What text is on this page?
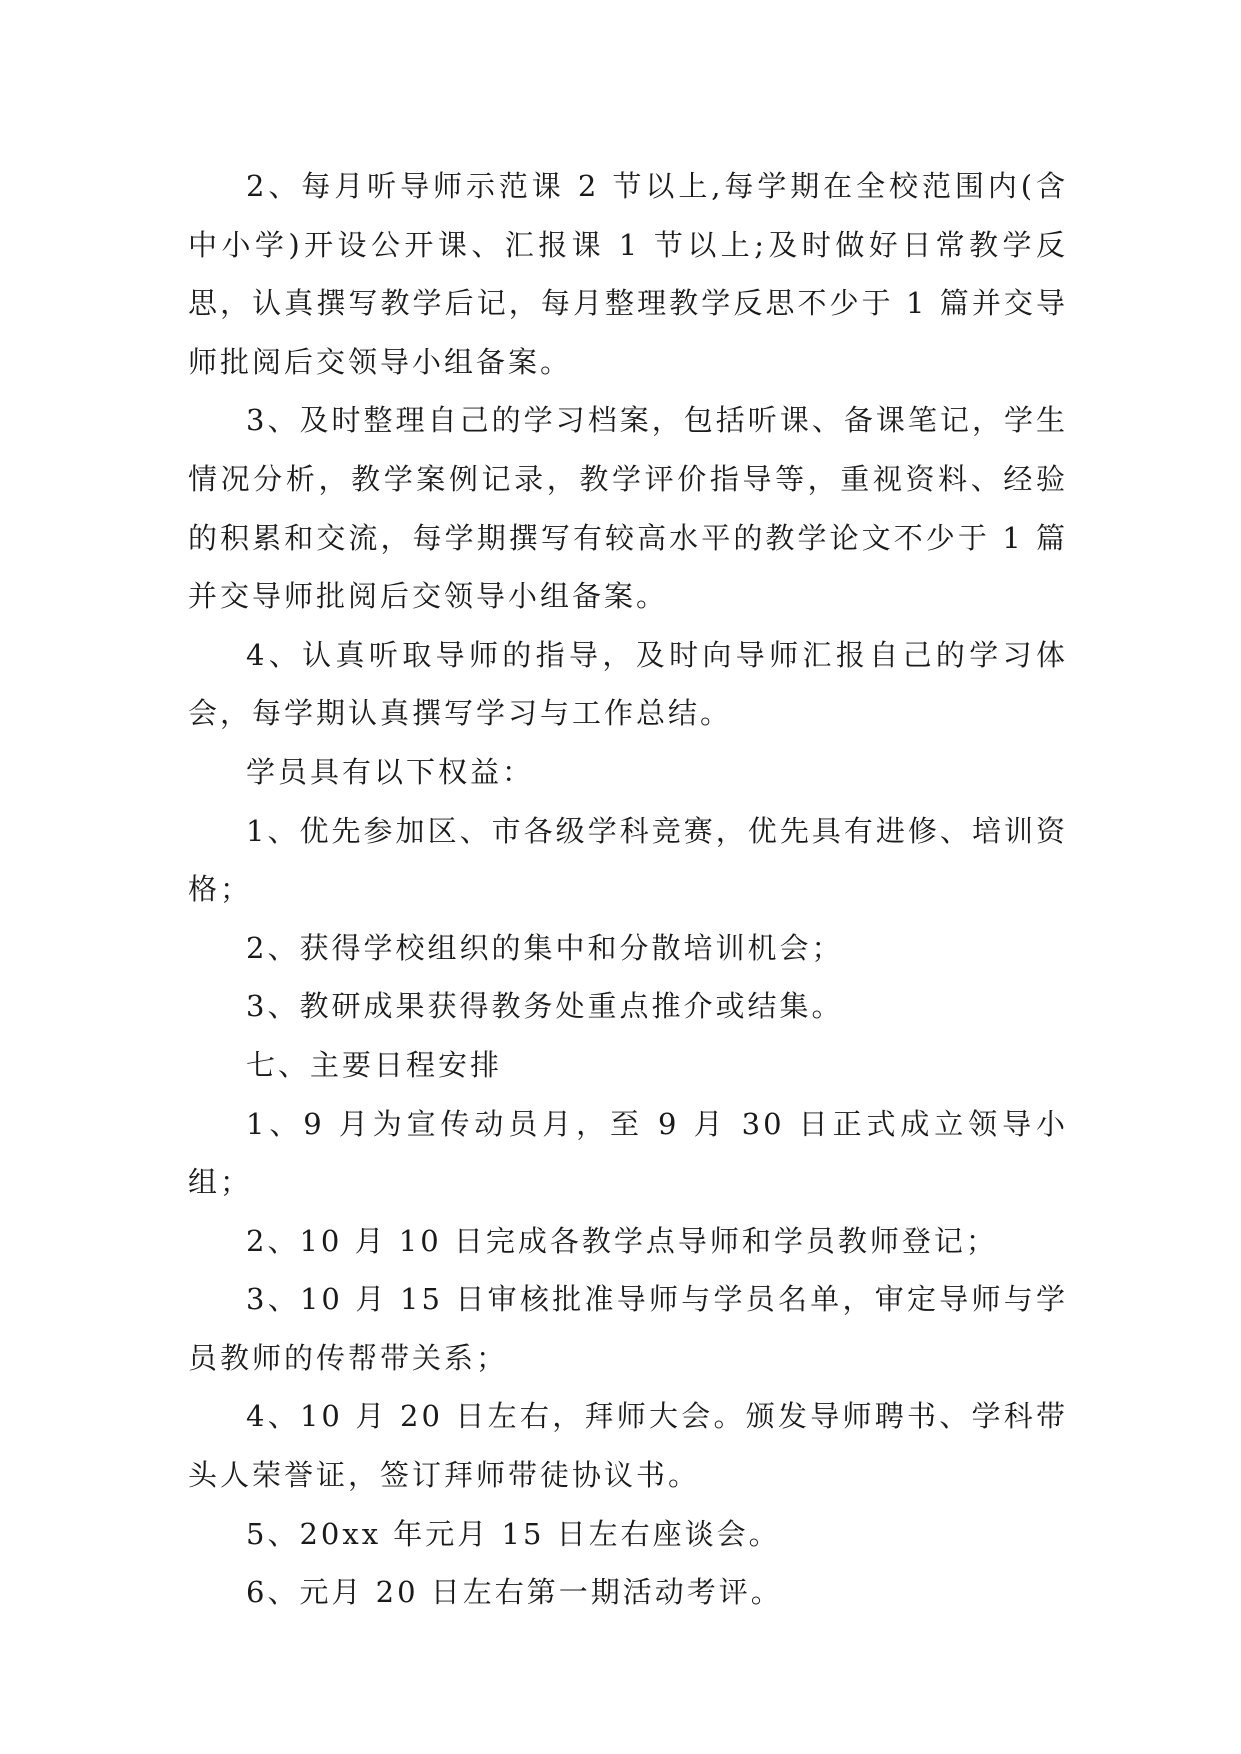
2、每月听导师示范课 2 节以上,每学期在全校范围内(含中小学)开设公开课、汇报课 1 节以上;及时做好日常教学反思，认真撰写教学后记，每月整理教学反思不少于 1 篇并交导师批阅后交领导小组备案。

3、及时整理自己的学习档案，包括听课、备课笔记，学生情况分析，教学案例记录，教学评价指导等，重视资料、经验的积累和交流，每学期撰写有较高水平的教学论文不少于 1 篇并交导师批阅后交领导小组备案。

4、认真听取导师的指导，及时向导师汇报自己的学习体会，每学期认真撰写学习与工作总结。

学员具有以下权益：

1、优先参加区、市各级学科竞赛，优先具有进修、培训资格；

2、获得学校组织的集中和分散培训机会；

3、教研成果获得教务处重点推介或结集。

七、主要日程安排

1、9 月为宣传动员月，至 9 月 30 日正式成立领导小组；

2、10 月 10 日完成各教学点导师和学员教师登记；

3、10 月 15 日审核批准导师与学员名单，审定导师与学员教师的传帮带关系；

4、10 月 20 日左右，拜师大会。颁发导师聘书、学科带头人荣誉证，签订拜师带徒协议书。

5、20xx 年元月 15 日左右座谈会。

6、元月 20 日左右第一期活动考评。
